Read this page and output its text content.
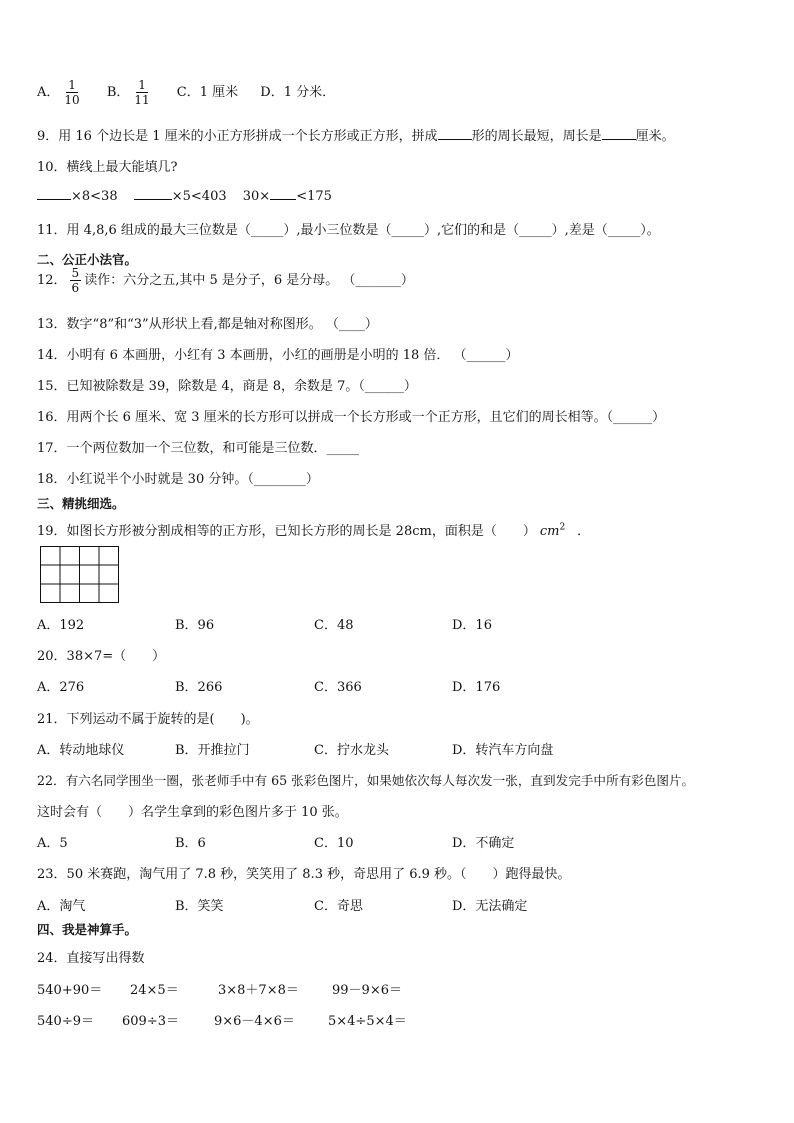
A． $\frac{1}{10}$ B． $\frac{1}{11}$ C．1 厘米 D．1 分米．
9．用 16 个边长是 1 厘米的小正方形拼成一个长方形或正方形，拼成	形的周长最短，周长是	厘米。
10．横线上最大能填几?
×8<38	×5<403 30× <175
11．用 4,8,6 组成的最大三位数是（_____）,最小三位数是（_____）,它们的和是（_____）,差是（_____）。
二、公正小法官。
12． $\frac{5}{6}$ 读作：六分之五,其中 5 是分子，6 是分母。 （_______）
13．数字“8”和“3”从形状上看,都是轴对称图形。 （____）
14．小明有 6 本画册，小红有 3 本画册，小红的画册是小明的 18 倍． （______）
15．已知被除数是 39，除数是 4，商是 8，余数是 7。（______）
16．用两个长 6 厘米、宽 3 厘米的长方形可以拼成一个长方形或一个正方形，且它们的周长相等。（______）
17．一个两位数加一个三位数，和可能是三位数．_____
18．小红说半个小时就是 30 分钟。（________）
三、精挑细选。
19．如图长方形被分割成相等的正方形，已知长方形的周长是 28cm，面积是（　　） $cm^2$ ．
A．192	B．96	C．48	D．16
20．38×7=（　　）
A．276	B．266	C．366	D．176
21．下列运动不属于旋转的是(　　)。
A．转动地球仪	B．开推拉门	C．拧水龙头	D．转汽车方向盘
22．有六名同学围坐一圈，张老师手中有 65 张彩色图片，如果她依次每人每次发一张，直到发完手中所有彩色图片。
这时会有（　　）名学生拿到的彩色图片多于 10 张。
A．5	B．6	C．10	D．不确定
23．50 米赛跑，淘气用了 7.8 秒，笑笑用了 8.3 秒，奇思用了 6.9 秒。（　　）跑得最快。
A．淘气	B．笑笑	C．奇思	D．无法确定
四、我是神算手。
24．直接写出得数
540+90＝ 24×5＝	3×8＋7×8＝	99－9×6＝
540÷9＝ 609÷3＝	9×6－4×6＝	5×4÷5×4＝
